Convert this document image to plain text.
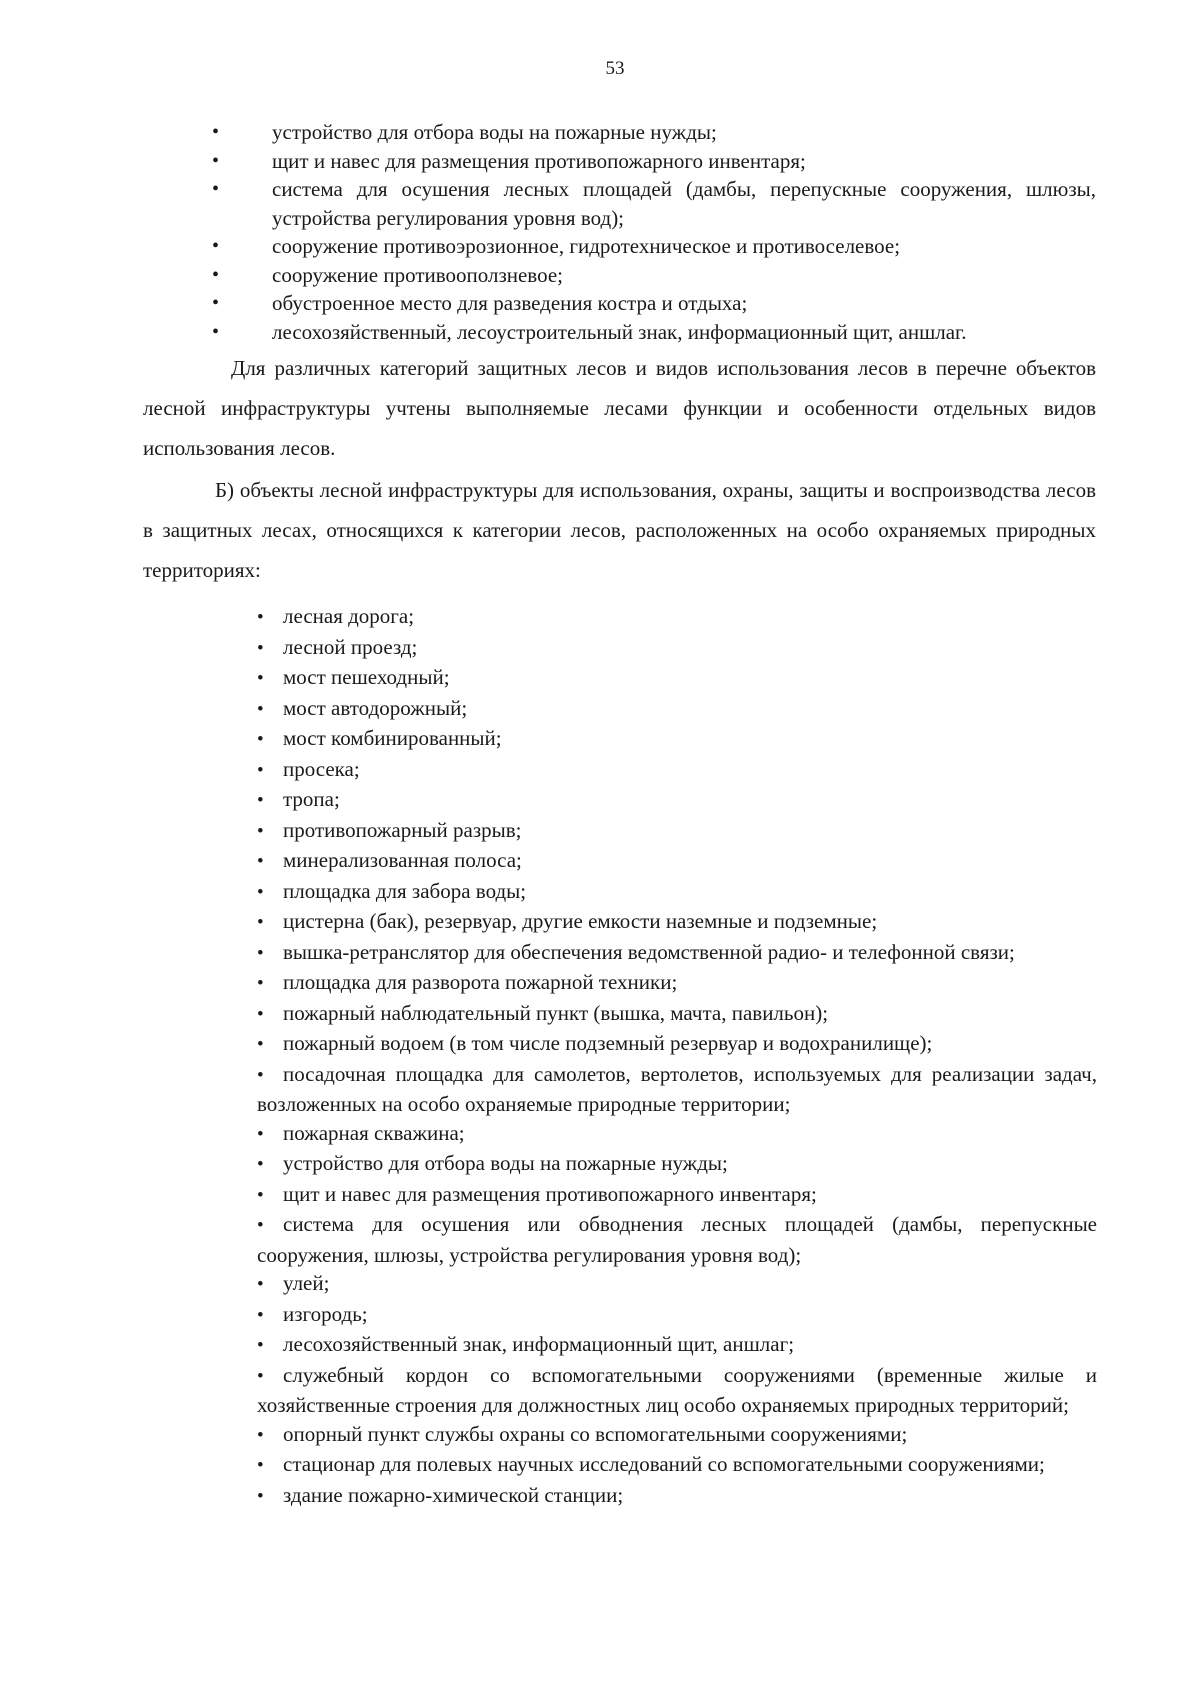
53
•	устройство для отбора воды на пожарные нужды;
•	щит и навес для размещения противопожарного инвентаря;
•	система для осушения лесных площадей (дамбы, перепускные сооружения, шлюзы, устройства регулирования уровня вод);
•	сооружение противоэрозионное, гидротехническое и противоселевое;
•	сооружение противооползневое;
•	обустроенное место для разведения костра и отдыха;
•	лесохозяйственный, лесоустроительный знак, информационный щит, аншлаг.

Для различных категорий защитных лесов и видов использования лесов в перечне объектов лесной инфраструктуры учтены выполняемые лесами функции и особенности отдельных видов использования лесов.

Б) объекты лесной инфраструктуры для использования, охраны, защиты и воспроизводства лесов в защитных лесах, относящихся к категории лесов, расположенных на особо охраняемых природных территориях:

• лесная дорога;
• лесной проезд;
• мост пешеходный;
• мост автодорожный;
• мост комбинированный;
• просека;
• тропа;
• противопожарный разрыв;
• минерализованная полоса;
• площадка для забора воды;
• цистерна (бак), резервуар, другие емкости наземные и подземные;
• вышка-ретранслятор для обеспечения ведомственной радио- и телефонной связи;
• площадка для разворота пожарной техники;
• пожарный наблюдательный пункт (вышка, мачта, павильон);
• пожарный водоем (в том числе подземный резервуар и водохранилище);
• посадочная площадка для самолетов, вертолетов, используемых для реализации задач, возложенных на особо охраняемые природные территории;
• пожарная скважина;
• устройство для отбора воды на пожарные нужды;
• щит и навес для размещения противопожарного инвентаря;
• система для осушения или обводнения лесных площадей (дамбы, перепускные сооружения, шлюзы, устройства регулирования уровня вод);
• улей;
• изгородь;
• лесохозяйственный знак, информационный щит, аншлаг;
• служебный кордон со вспомогательными сооружениями (временные жилые и хозяйственные строения для должностных лиц особо охраняемых природных территорий;
• опорный пункт службы охраны со вспомогательными сооружениями;
• стационар для полевых научных исследований со вспомогательными сооружениями;
• здание пожарно-химической станции;
